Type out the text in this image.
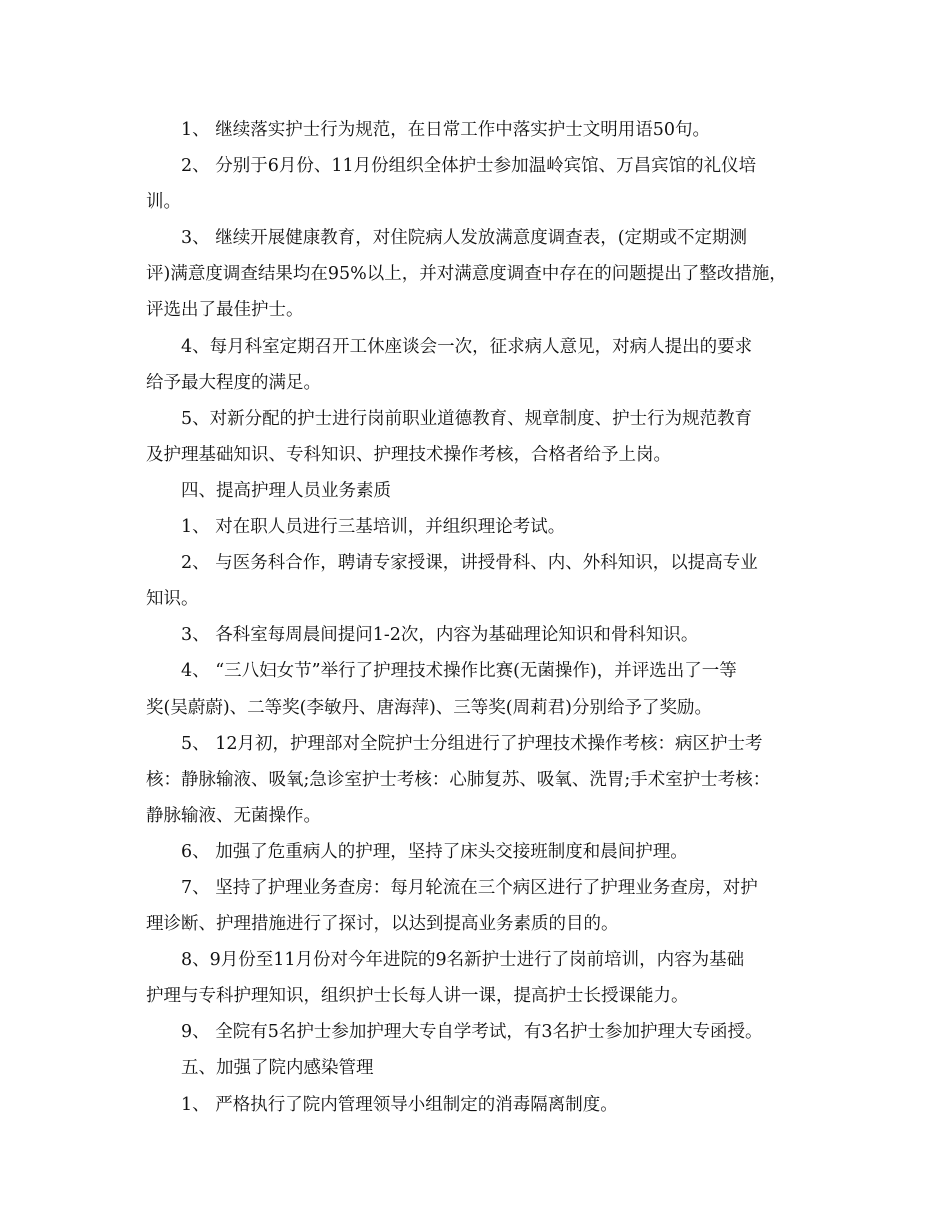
1、 继续落实护士行为规范，在日常工作中落实护士文明用语50句。
2、 分别于6月份、11月份组织全体护士参加温岭宾馆、万昌宾馆的礼仪培
训。
3、 继续开展健康教育，对住院病人发放满意度调查表，(定期或不定期测
评)满意度调查结果均在95%以上，并对满意度调查中存在的问题提出了整改措施，
评选出了最佳护士。
4、每月科室定期召开工休座谈会一次，征求病人意见，对病人提出的要求
给予最大程度的满足。
5、对新分配的护士进行岗前职业道德教育、规章制度、护士行为规范教育
及护理基础知识、专科知识、护理技术操作考核，合格者给予上岗。
四、提高护理人员业务素质
1、 对在职人员进行三基培训，并组织理论考试。
2、 与医务科合作，聘请专家授课，讲授骨科、内、外科知识，以提高专业
知识。
3、 各科室每周晨间提问1-2次，内容为基础理论知识和骨科知识。
4、 “三八妇女节”举行了护理技术操作比赛(无菌操作)，并评选出了一等
奖(吴蔚蔚)、二等奖(李敏丹、唐海萍)、三等奖(周莉君)分别给予了奖励。
5、 12月初，护理部对全院护士分组进行了护理技术操作考核：病区护士考
核：静脉输液、吸氧;急诊室护士考核：心肺复苏、吸氧、洗胃;手术室护士考核：
静脉输液、无菌操作。
6、 加强了危重病人的护理，坚持了床头交接班制度和晨间护理。
7、 坚持了护理业务查房：每月轮流在三个病区进行了护理业务查房，对护
理诊断、护理措施进行了探讨，以达到提高业务素质的目的。
8、9月份至11月份对今年进院的9名新护士进行了岗前培训，内容为基础
护理与专科护理知识，组织护士长每人讲一课，提高护士长授课能力。
9、 全院有5名护士参加护理大专自学考试，有3名护士参加护理大专函授。
五、加强了院内感染管理
1、 严格执行了院内管理领导小组制定的消毒隔离制度。
